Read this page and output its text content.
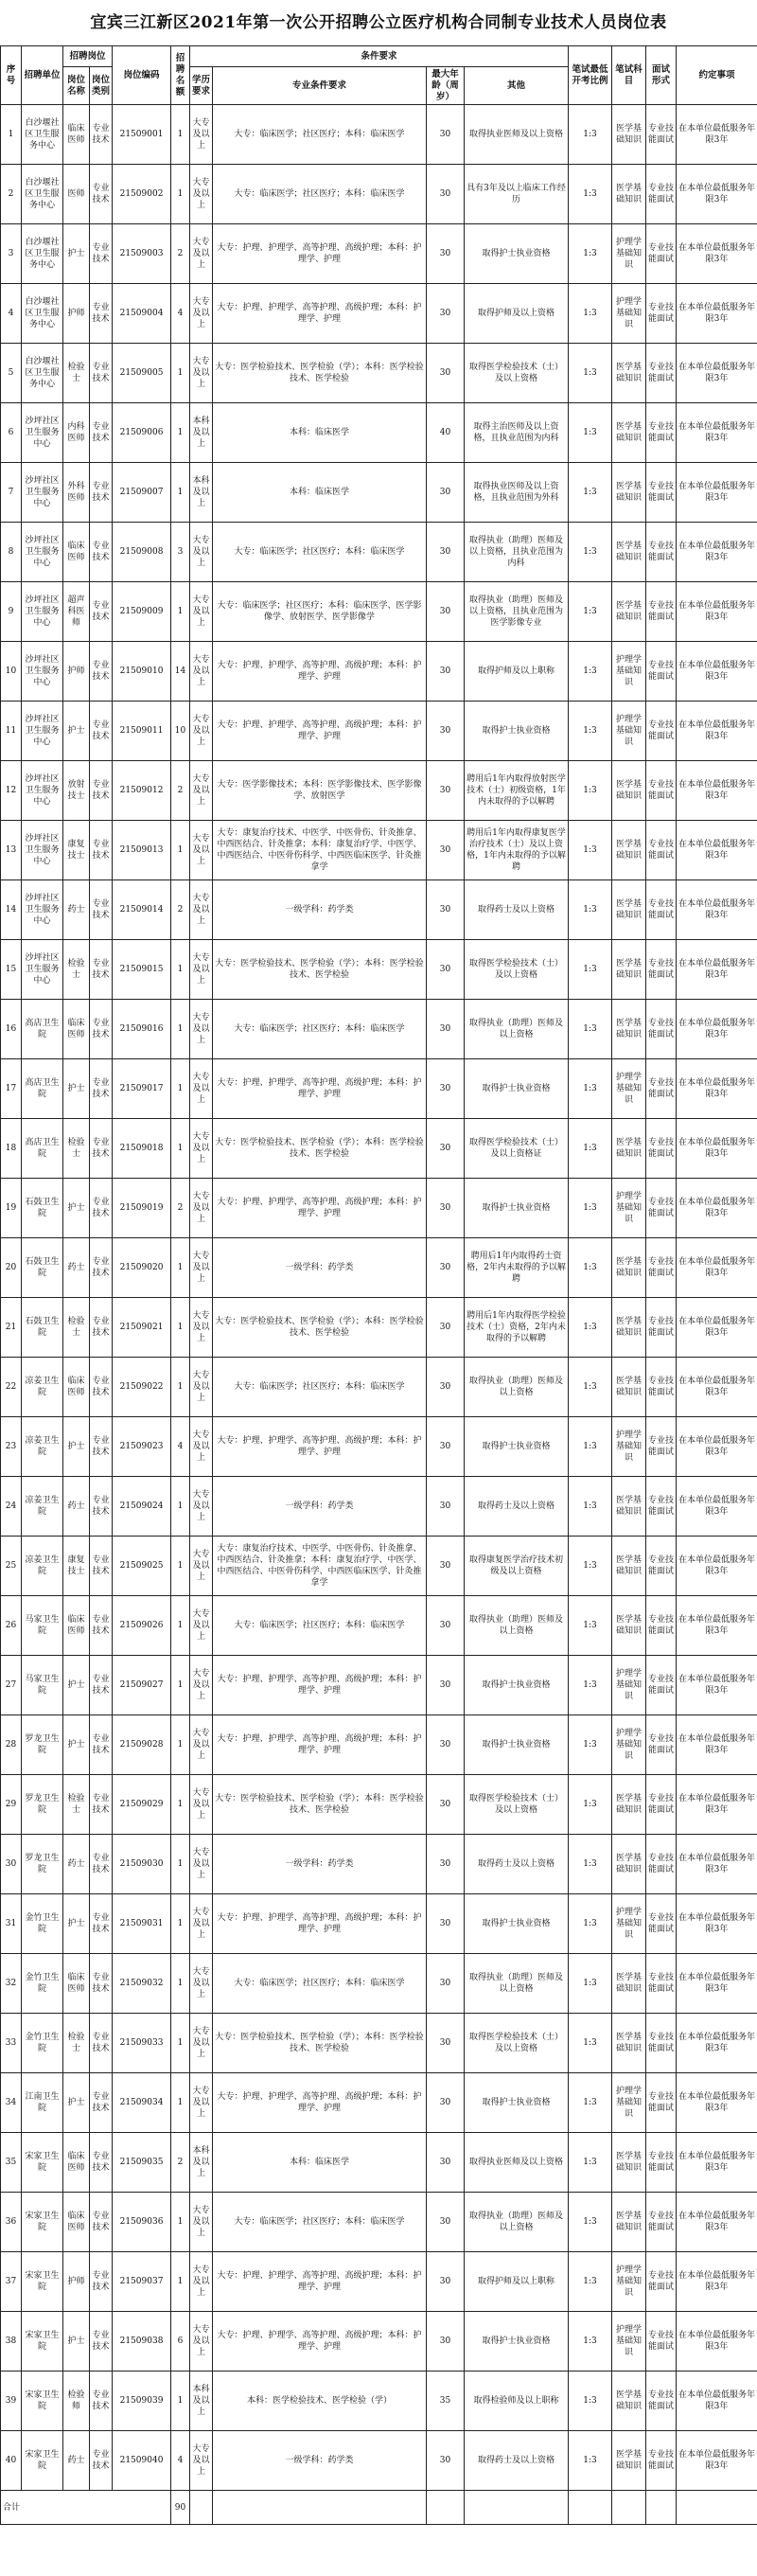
宜宾三江新区2021年第一次公开招聘公立医疗机构合同制专业技术人员岗位表
序号	招聘单位	招聘岗位		岗位编码	招聘名额	条件要求				笔试最低开考比例	笔试科目	面试形式	约定事项
		岗位名称	岗位类别			学历要求	专业条件要求	最大年龄（周岁）	其他				
1	白沙堰社区卫生服务中心	临床医师	专业技术	21509001	1	大专及以上	大专：临床医学；社区医疗；本科：临床医学	30	取得执业医师及以上资格	1:3	医学基础知识	专业技能面试	在本单位最低服务年限3年
2	白沙堰社区卫生服务中心	医师	专业技术	21509002	1	大专及以上	大专：临床医学；社区医疗；本科：临床医学	30	具有3年及以上临床工作经历	1:3	医学基础知识	专业技能面试	在本单位最低服务年限3年
3	白沙堰社区卫生服务中心	护士	专业技术	21509003	2	大专及以上	大专：护理、护理学、高等护理、高级护理；本科：护理学、护理	30	取得护士执业资格	1:3	护理学基础知识	专业技能面试	在本单位最低服务年限3年
4	白沙堰社区卫生服务中心	护师	专业技术	21509004	4	大专及以上	大专：护理、护理学、高等护理、高级护理；本科：护理学、护理	30	取得护师及以上资格	1:3	护理学基础知识	专业技能面试	在本单位最低服务年限3年
5	白沙堰社区卫生服务中心	检验士	专业技术	21509005	1	大专及以上	大专：医学检验技术、医学检验（学）；本科：医学检验技术、医学检验	30	取得医学检验技术（士）及以上资格	1:3	医学基础知识	专业技能面试	在本单位最低服务年限3年
6	沙坪社区卫生服务中心	内科医师	专业技术	21509006	1	本科及以上	本科：临床医学	40	取得主治医师及以上资格，且执业范围为内科	1:3	医学基础知识	专业技能面试	在本单位最低服务年限3年
7	沙坪社区卫生服务中心	外科医师	专业技术	21509007	1	本科及以上	本科：临床医学	30	取得执业医师及以上资格，且执业范围为外科	1:3	医学基础知识	专业技能面试	在本单位最低服务年限3年
8	沙坪社区卫生服务中心	临床医师	专业技术	21509008	3	大专及以上	大专：临床医学；社区医疗；本科：临床医学	30	取得执业（助理）医师及以上资格，且执业范围为内科	1:3	医学基础知识	专业技能面试	在本单位最低服务年限3年
9	沙坪社区卫生服务中心	超声科医师	专业技术	21509009	1	大专及以上	大专：临床医学；社区医疗；本科：临床医学、医学影像学、放射医学、医学影像学	30	取得执业（助理）医师及以上资格，且执业范围为医学影像专业	1:3	医学基础知识	专业技能面试	在本单位最低服务年限3年
10	沙坪社区卫生服务中心	护师	专业技术	21509010	14	大专及以上	大专：护理、护理学、高等护理、高级护理；本科：护理学、护理	30	取得护师及以上职称	1:3	护理学基础知识	专业技能面试	在本单位最低服务年限3年
11	沙坪社区卫生服务中心	护士	专业技术	21509011	10	大专及以上	大专：护理、护理学、高等护理、高级护理；本科：护理学、护理	30	取得护士执业资格	1:3	护理学基础知识	专业技能面试	在本单位最低服务年限3年
12	沙坪社区卫生服务中心	放射技士	专业技术	21509012	2	大专及以上	大专：医学影像技术；本科：医学影像技术、医学影像学、放射医学	30	聘用后1年内取得放射医学技术（士）初级资格，1年内未取得的予以解聘	1:3	医学基础知识	专业技能面试	在本单位最低服务年限3年
13	沙坪社区卫生服务中心	康复技士	专业技术	21509013	1	大专及以上	大专：康复治疗技术、中医学、中医骨伤、针灸推拿、中西医结合、针灸推拿；本科：康复治疗学、中医学、中西医结合、中医骨伤科学、中西医临床医学、针灸推拿学	30	聘用后1年内取得康复医学治疗技术（士）及以上资格，1年内未取得的予以解聘	1:3	医学基础知识	专业技能面试	在本单位最低服务年限3年
14	沙坪社区卫生服务中心	药士	专业技术	21509014	2	大专及以上	一级学科：药学类	30	取得药士及以上资格	1:3	医学基础知识	专业技能面试	在本单位最低服务年限3年
15	沙坪社区卫生服务中心	检验士	专业技术	21509015	1	大专及以上	大专：医学检验技术、医学检验（学）；本科：医学检验技术、医学检验	30	取得医学检验技术（士）及以上资格	1:3	医学基础知识	专业技能面试	在本单位最低服务年限3年
16	高店卫生院	临床医师	专业技术	21509016	1	大专及以上	大专：临床医学；社区医疗；本科：临床医学	30	取得执业（助理）医师及以上资格	1:3	医学基础知识	专业技能面试	在本单位最低服务年限3年
17	高店卫生院	护士	专业技术	21509017	1	大专及以上	大专：护理、护理学、高等护理、高级护理；本科：护理学、护理	30	取得护士执业资格	1:3	护理学基础知识	专业技能面试	在本单位最低服务年限3年
18	高店卫生院	检验士	专业技术	21509018	1	大专及以上	大专：医学检验技术、医学检验（学）；本科：医学检验技术、医学检验	30	取得医学检验技术（士）及以上资格证	1:3	医学基础知识	专业技能面试	在本单位最低服务年限3年
19	石鼓卫生院	护士	专业技术	21509019	2	大专及以上	大专：护理、护理学、高等护理、高级护理；本科：护理学、护理	30	取得护士执业资格	1:3	护理学基础知识	专业技能面试	在本单位最低服务年限3年
20	石鼓卫生院	药士	专业技术	21509020	1	大专及以上	一级学科：药学类	30	聘用后1年内取得药士资格，2年内未取得的予以解聘	1:3	医学基础知识	专业技能面试	在本单位最低服务年限3年
21	石鼓卫生院	检验士	专业技术	21509021	1	大专及以上	大专：医学检验技术、医学检验（学）；本科：医学检验技术、医学检验	30	聘用后1年内取得医学检验技术（士）资格，2年内未取得的予以解聘	1:3	医学基础知识	专业技能面试	在本单位最低服务年限3年
22	凉姜卫生院	临床医师	专业技术	21509022	1	大专及以上	大专：临床医学；社区医疗；本科：临床医学	30	取得执业（助理）医师及以上资格	1:3	医学基础知识	专业技能面试	在本单位最低服务年限3年
23	凉姜卫生院	护士	专业技术	21509023	4	大专及以上	大专：护理、护理学、高等护理、高级护理；本科：护理学、护理	30	取得护士执业资格	1:3	护理学基础知识	专业技能面试	在本单位最低服务年限3年
24	凉姜卫生院	药士	专业技术	21509024	1	大专及以上	一级学科：药学类	30	取得药士及以上资格	1:3	医学基础知识	专业技能面试	在本单位最低服务年限3年
25	凉姜卫生院	康复技士	专业技术	21509025	1	大专及以上	大专：康复治疗技术、中医学、中医骨伤、针灸推拿、中西医结合、针灸推拿；本科：康复治疗学、中医学、中西医结合、中医骨伤科学、中西医临床医学、针灸推拿学	30	取得康复医学治疗技术初级及以上资格	1:3	医学基础知识	专业技能面试	在本单位最低服务年限3年
26	马家卫生院	临床医师	专业技术	21509026	1	大专及以上	大专：临床医学；社区医疗；本科：临床医学	30	取得执业（助理）医师及以上资格	1:3	医学基础知识	专业技能面试	在本单位最低服务年限3年
27	马家卫生院	护士	专业技术	21509027	1	大专及以上	大专：护理、护理学、高等护理、高级护理；本科：护理学、护理	30	取得护士执业资格	1:3	护理学基础知识	专业技能面试	在本单位最低服务年限3年
28	罗龙卫生院	护士	专业技术	21509028	1	大专及以上	大专：护理、护理学、高等护理、高级护理；本科：护理学、护理	30	取得护士执业资格	1:3	护理学基础知识	专业技能面试	在本单位最低服务年限3年
29	罗龙卫生院	检验士	专业技术	21509029	1	大专及以上	大专：医学检验技术、医学检验（学）；本科：医学检验技术、医学检验	30	取得医学检验技术（士）及以上资格	1:3	医学基础知识	专业技能面试	在本单位最低服务年限3年
30	罗龙卫生院	药士	专业技术	21509030	1	大专及以上	一级学科：药学类	30	取得药士及以上资格	1:3	医学基础知识	专业技能面试	在本单位最低服务年限3年
31	金竹卫生院	护士	专业技术	21509031	1	大专及以上	大专：护理、护理学、高等护理、高级护理；本科：护理学、护理	30	取得护士执业资格	1:3	护理学基础知识	专业技能面试	在本单位最低服务年限3年
32	金竹卫生院	临床医师	专业技术	21509032	1	大专及以上	大专：临床医学；社区医疗；本科：临床医学	30	取得执业（助理）医师及以上资格	1:3	医学基础知识	专业技能面试	在本单位最低服务年限3年
33	金竹卫生院	检验士	专业技术	21509033	1	大专及以上	大专：医学检验技术、医学检验（学）；本科：医学检验技术、医学检验	30	取得医学检验技术（士）及以上资格	1:3	医学基础知识	专业技能面试	在本单位最低服务年限3年
34	江南卫生院	护士	专业技术	21509034	1	大专及以上	大专：护理、护理学、高等护理、高级护理；本科：护理学、护理	30	取得护士执业资格	1:3	护理学基础知识	专业技能面试	在本单位最低服务年限3年
35	宋家卫生院	临床医师	专业技术	21509035	2	本科及以上	本科：临床医学	30	取得执业医师及以上资格	1:3	医学基础知识	专业技能面试	在本单位最低服务年限3年
36	宋家卫生院	临床医师	专业技术	21509036	1	大专及以上	大专：临床医学；社区医疗；本科：临床医学	30	取得执业（助理）医师及以上资格	1:3	医学基础知识	专业技能面试	在本单位最低服务年限3年
37	宋家卫生院	护师	专业技术	21509037	1	大专及以上	大专：护理、护理学、高等护理、高级护理；本科：护理学、护理	30	取得护师及以上职称	1:3	护理学基础知识	专业技能面试	在本单位最低服务年限3年
38	宋家卫生院	护士	专业技术	21509038	6	大专及以上	大专：护理、护理学、高等护理、高级护理；本科：护理学、护理	30	取得护士执业资格	1:3	护理学基础知识	专业技能面试	在本单位最低服务年限3年
39	宋家卫生院	检验师	专业技术	21509039	1	本科及以上	本科：医学检验技术、医学检验（学）	35	取得检验师及以上职称	1:3	医学基础知识	专业技能面试	在本单位最低服务年限3年
40	宋家卫生院	药士	专业技术	21509040	4	大专及以上	一级学科：药学类	30	取得药士及以上资格	1:3	医学基础知识	专业技能面试	在本单位最低服务年限3年
合计					90								
